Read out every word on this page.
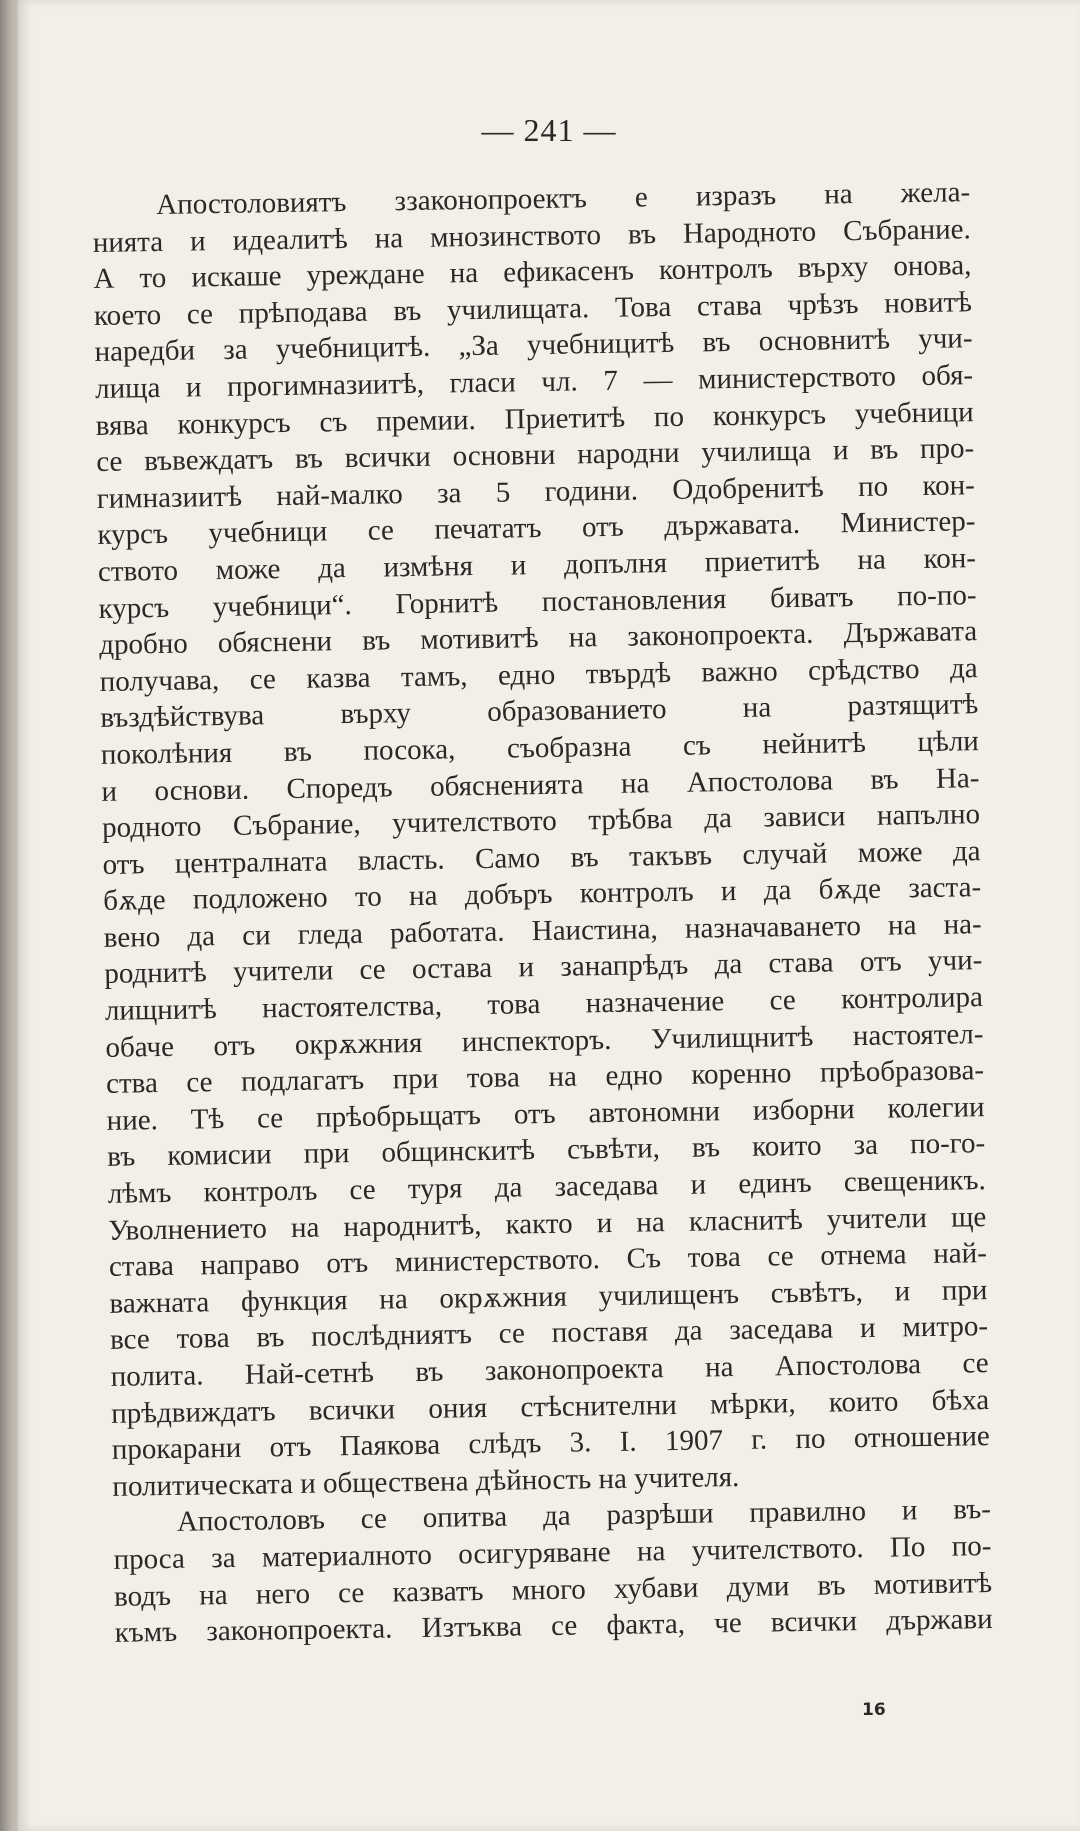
— 241 —
Апостоловиятъ ззаконопроектъ е изразъ на жела-
нията и идеалитѣ на мнозинството въ Народното Събрание.
А то искаше уреждане на ефикасенъ контролъ върху онова,
което се прѣподава въ училищата. Това става чрѣзъ новитѣ
наредби за учебницитѣ. „За учебницитѣ въ основнитѣ учи-
лища и прогимназиитѣ, гласи чл. 7 — министерството обя-
вява конкурсъ съ премии. Приетитѣ по конкурсъ учебници
се въвеждатъ въ всички основни народни училища и въ про-
гимназиитѣ най-малко за 5 години. Одобренитѣ по кон-
курсъ учебници се печататъ отъ държавата. Министер-
ството може да измѣня и допълня приетитѣ на кон-
курсъ учебници“. Горнитѣ постановления биватъ по-по-
дробно обяснени въ мотивитѣ на законопроекта. Държавата
получава, се казва тамъ, едно твърдѣ важно срѣдство да
въздѣйствува върху образованието на разтящитѣ
поколѣния въ посока, съобразна съ нейнитѣ цѣли
и основи. Споредъ обясненията на Апостолова въ На-
родното Събрание, учителството трѣбва да зависи напълно
отъ централната власть. Само въ такъвъ случай може да
бѫде подложено то на добъръ контролъ и да бѫде заста-
вено да си гледа работата. Наистина, назначаването на на-
роднитѣ учители се остава и занапрѣдъ да става отъ учи-
лищнитѣ настоятелства, това назначение се контролира
обаче отъ окрѫжния инспекторъ. Училищнитѣ настоятел-
ства се подлагатъ при това на едно коренно прѣобразова-
ние. Тѣ се прѣобрьщатъ отъ автономни изборни колегии
въ комисии при общинскитѣ съвѣти, въ които за по-го-
лѣмъ контролъ се туря да заседава и единъ свещеникъ.
Уволнението на народнитѣ, както и на класнитѣ учители ще
става направо отъ министерството. Съ това се отнема най-
важната функция на окрѫжния училищенъ съвѣтъ, и при
все това въ послѣдниятъ се поставя да заседава и митро-
полита. Най-сетнѣ въ законопроекта на Апостолова се
прѣдвиждатъ всички ония стѣснителни мѣрки, които бѣха
прокарани отъ Паякова слѣдъ 3. I. 1907 г. по отношение
политическата и обществена дѣйность на учителя.
Апостоловъ се опитва да разрѣши правилно и въ-
проса за материалното осигуряване на учителството. По по-
водъ на него се казватъ много хубави думи въ мотивитѣ
къмъ законопроекта. Изтъква се факта, че всички държави
16
